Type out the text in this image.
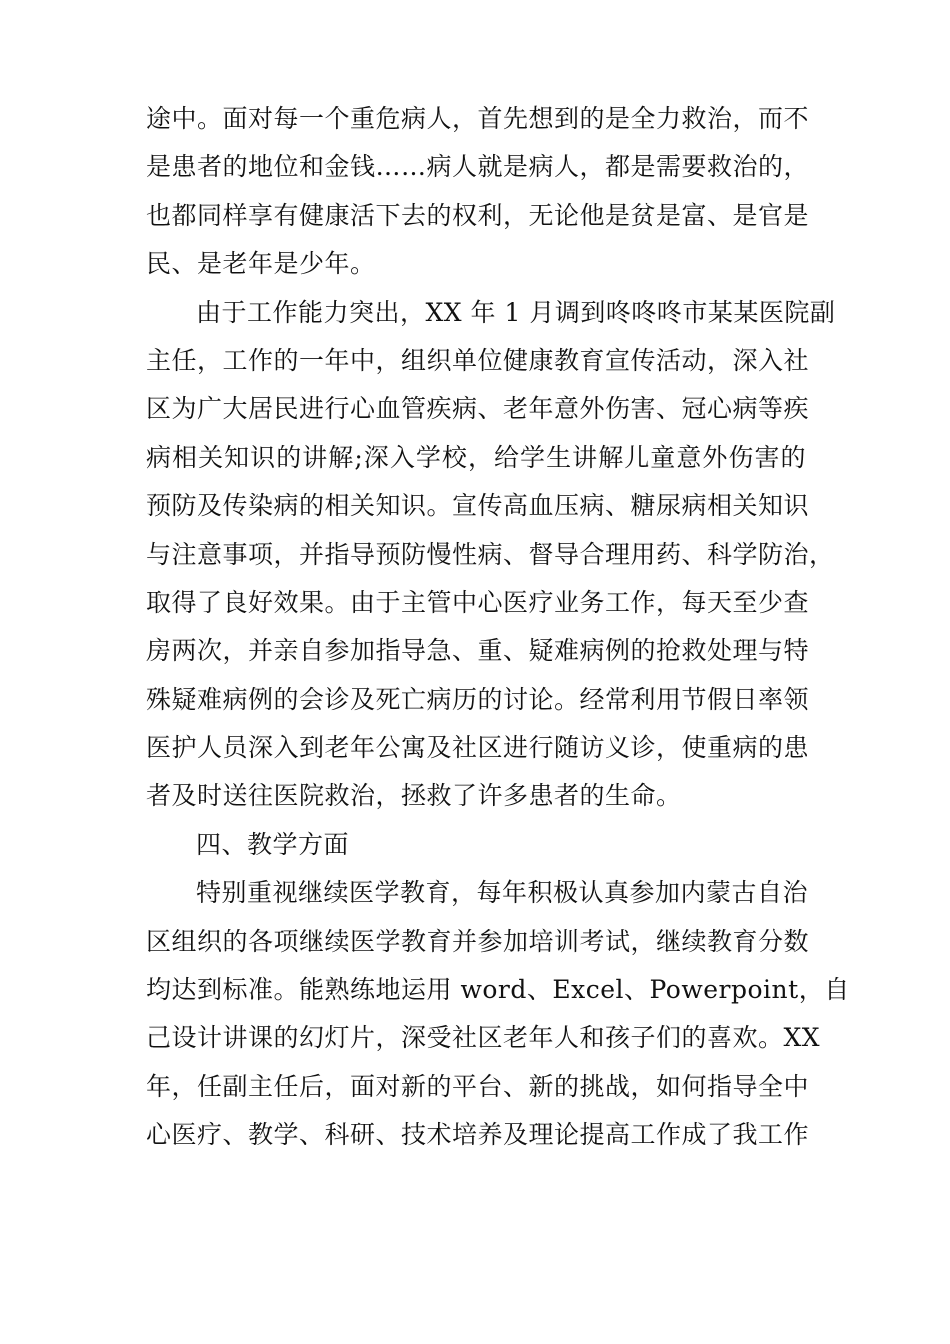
途中。面对每一个重危病人，首先想到的是全力救治，而不
是患者的地位和金钱……病人就是病人，都是需要救治的，
也都同样享有健康活下去的权利，无论他是贫是富、是官是
民、是老年是少年。
由于工作能力突出，XX 年 1 月调到咚咚咚市某某医院副
主任，工作的一年中，组织单位健康教育宣传活动，深入社
区为广大居民进行心血管疾病、老年意外伤害、冠心病等疾
病相关知识的讲解;深入学校，给学生讲解儿童意外伤害的
预防及传染病的相关知识。宣传高血压病、糖尿病相关知识
与注意事项，并指导预防慢性病、督导合理用药、科学防治，
取得了良好效果。由于主管中心医疗业务工作，每天至少查
房两次，并亲自参加指导急、重、疑难病例的抢救处理与特
殊疑难病例的会诊及死亡病历的讨论。经常利用节假日率领
医护人员深入到老年公寓及社区进行随访义诊，使重病的患
者及时送往医院救治，拯救了许多患者的生命。
四、教学方面
特别重视继续医学教育，每年积极认真参加内蒙古自治
区组织的各项继续医学教育并参加培训考试，继续教育分数
均达到标准。能熟练地运用 word、Excel、Powerpoint，自
己设计讲课的幻灯片，深受社区老年人和孩子们的喜欢。XX
年，任副主任后，面对新的平台、新的挑战，如何指导全中
心医疗、教学、科研、技术培养及理论提高工作成了我工作
